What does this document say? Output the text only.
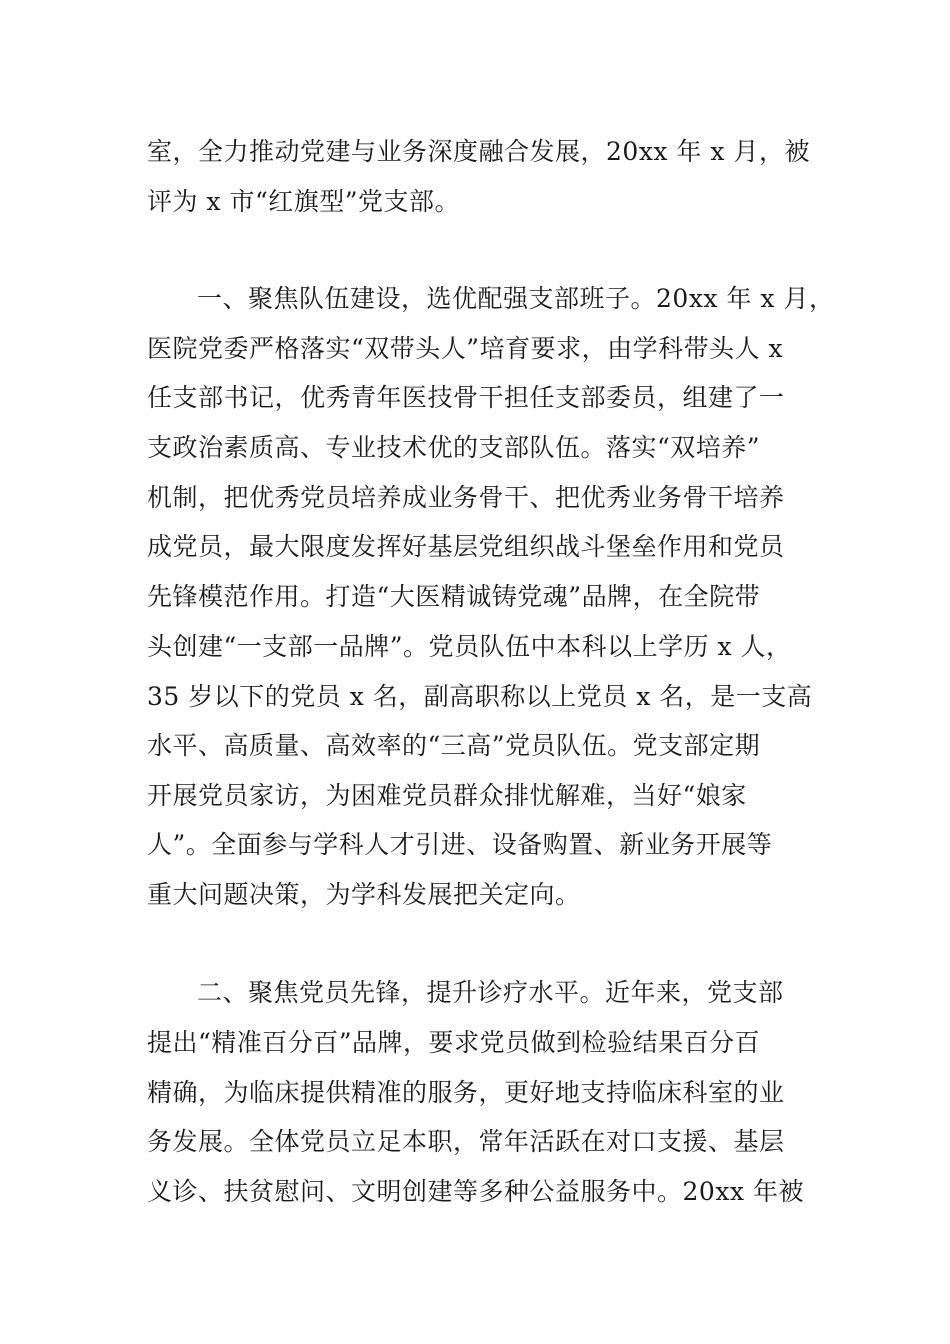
室，全力推动党建与业务深度融合发展，20xx 年 x 月，被
评为 x 市“红旗型”党支部。
一、聚焦队伍建设，选优配强支部班子。20xx 年 x 月，
医院党委严格落实“双带头人”培育要求，由学科带头人 x
任支部书记，优秀青年医技骨干担任支部委员，组建了一
支政治素质高、专业技术优的支部队伍。落实“双培养”
机制，把优秀党员培养成业务骨干、把优秀业务骨干培养
成党员，最大限度发挥好基层党组织战斗堡垒作用和党员
先锋模范作用。打造“大医精诚铸党魂”品牌，在全院带
头创建“一支部一品牌”。党员队伍中本科以上学历 x 人，
35 岁以下的党员 x 名，副高职称以上党员 x 名，是一支高
水平、高质量、高效率的“三高”党员队伍。党支部定期
开展党员家访，为困难党员群众排忧解难，当好“娘家
人”。全面参与学科人才引进、设备购置、新业务开展等
重大问题决策，为学科发展把关定向。
二、聚焦党员先锋，提升诊疗水平。近年来，党支部
提出“精准百分百”品牌，要求党员做到检验结果百分百
精确，为临床提供精准的服务，更好地支持临床科室的业
务发展。全体党员立足本职，常年活跃在对口支援、基层
义诊、扶贫慰问、文明创建等多种公益服务中。20xx 年被
